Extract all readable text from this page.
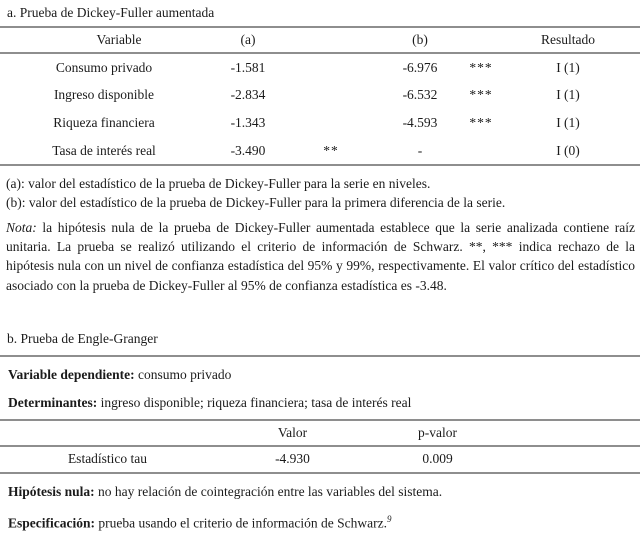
a. Prueba de Dickey-Fuller aumentada
Variable	(a)		(b)		Resultado
Consumo privado	-1.581		-6.976	***	I (1)
Ingreso disponible	-2.834		-6.532	***	I (1)
Riqueza financiera	-1.343		-4.593	***	I (1)
Tasa de interés real	-3.490	**	-		I (0)
(a): valor del estadístico de la prueba de Dickey-Fuller para la serie en niveles.
(b): valor del estadístico de la prueba de Dickey-Fuller para la primera diferencia de la serie.
Nota: la hipótesis nula de la prueba de Dickey-Fuller aumentada establece que la serie analizada contiene raíz unitaria. La prueba se realizó utilizando el criterio de información de Schwarz. **, *** indica rechazo de la hipótesis nula con un nivel de confianza estadística del 95% y 99%, respectivamente. El valor crítico del estadístico asociado con la prueba de Dickey-Fuller al 95% de confianza estadística es -3.48.
b. Prueba de Engle-Granger
Variable dependiente: consumo privado
Determinantes: ingreso disponible; riqueza financiera; tasa de interés real
	Valor	p-valor	
Estadístico tau	-4.930	0.009	
Hipótesis nula: no hay relación de cointegración entre las variables del sistema.
Especificación: prueba usando el criterio de información de Schwarz.$^9$
